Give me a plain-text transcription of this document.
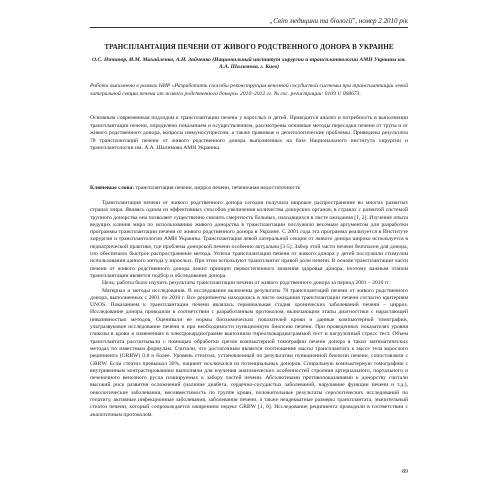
„Світ медицини та біології", номер 2 2010 рік
ТРАНСПЛАНТАЦИЯ ПЕЧЕНИ ОТ ЖИВОГО РОДСТВЕННОГО ДОНОРА В УКРАИНЕ
О.С. Ничипор, И.М. Михайленко, А.Н. Зайченко (Национальный институт хирургии и трансплантологии АМН Украины им. А.А. Шалимова, г. Киев)
Работа выполнена в рамках НИР «Разработать способы реконструкции венозной сосудистой системы при трансплантации левой латеральной секции печени от живого родственного донора» 2010–2012 гг. № гос. регистрации: 0109 U 008673.
Основным современным подходом к трансплантации печени у взрослых и детей. Приводится анализ и потребность в выполнении трансплантации печени, определено показанием и осуществлением, рассмотрены основные методы пересадки печени от трупа и от живого родственного донора, вопросы иммуносупрессии, а также правовые и деонтологические проблемы. Приведены результаты 78 трансплантаций печени от живого родственного донора выполненных на базе Национального института хирургии и трансплантологии им. А.А. Шалимова АМН Украины.
Ключевые слова: трансплантация печени, цирроз печени, печеночная недостаточность

Трансплантация печени от живого родственного донора сегодня получила широкое распространение во многих развитых странах мира. Являясь одним из эффективных способов увеличения количества донорских органов, в странах с развитой системой трупного донорства она позволяет существенно снизить смертность больных, находящихся в листе ожидания [1, 2]. Изучение опыта ведущих клиник мира по использованию живого донорства в трансплантации послужило весомым аргументом для разработки программы трансплантации печени от живого родственного донора в Украине. С 2001 года эта программа реализуется в Институте хирургии и трансплантологии АМН Украины. Трансплантация левой латеральной секции от живого донора широко используется в педиатрической практике, где проблема донорской печени особенно актуальна [3-5]. Забор этой части печени безопасен для донора, что обеспечило быстрое распространение метода. Успехи трансплантации печени от живого донора у детей послужили стимулом использования данного метода у взрослых. При этом используют трансплантат правой доли печени. В основе трансплантации части печени от живого родственного донора лежит принцип первостепенного значения здоровья донора, поэтому важным этапом трансплантации является подбор и обследование донора.

Цель: работы было изучить результаты трансплантации печени от живого родственного донора за период 2001 – 2010 гг.

Материал и методы исследования. В исследование включены результаты 78 трансплантаций печени от живого родственного донора, выполненных с 2001 по 2010 г. Все реципиенты находились в листе ожидания трансплантации печени согласно критериям UNOS. Показанием к трансплантации печени являлась терминальная стадия хронических заболеваний печени – цирроз. Исследование донора проводили в соответствии с разработанным протоколом, включающим этапы диагностики с нарастающей инвазивностью методов. Оценивали ее нормы биохимических показателей крови и данные компьютерной томографии, ультразвуковое исследование печени и при необходимости пункционную биопсию печени. При проведенных показателях уровня гликозы в крови и изменениях в электрокардиограмме выполняли тиреоэхокардиограммой тест и нагрузочный стресс тест. Объем трансплантата рассчитывали с помощью обработки срезов компьютерной томографии печени донора в таких математических методах по известным формулам. Считали, что достаточным является соотношение массы трансплантата к массе тела взрослого реципиента (GRBW) 0,8 и более. Уровень стеатоза, установленный по результатам пункционной биопсии печени, сопоставляли с GRBW. Если стеатоз превышал 30%, пациент исключался из потенциальных доноров. Спиральную компьютерную томографию с внутривенным контрастированием выполняли для изучения анатомических особенностей строения артериального, портального и печеночного венозного русла планируемых к забору частей печени. Абсолютными противопоказаниями к донорству считали высокий риск развития осложнений (наличие диабета, сердечно-сосудистых заболеваний, нарушение функции печени и т.д.), онкологические заболевания, несовместимость по группе крови, положительные результаты серологических исследований по гепатиту, активные инфекционные заболевания, заболевания печени, а также неадекватные размеры трансплантата, значительный стеатоз печени, который сопровождается ожирением индекс GRBW [1, 6]. Исследование реципиента проводили в соответствии с аналогичным протоколом.

89
